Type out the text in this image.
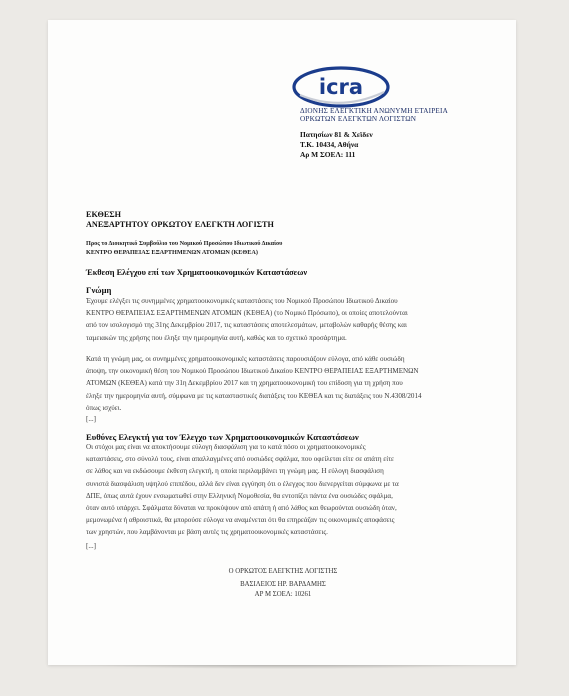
icra
ΔΙΟΝΗΣ ΕΛΕΓΚΤΙΚΗ ΑΝΩΝΥΜΗ ΕΤΑΙΡΕΙΑ
ΟΡΚΩΤΩΝ ΕΛΕΓΚΤΩΝ ΛΟΓΙΣΤΩΝ
Πατησίων 81 & Χεϊδεν
Τ.Κ. 10434, Αθήνα
Αρ Μ ΣΟΕΛ: 111
ΕΚΘΕΣΗ
ΑΝΕΞΑΡΤΗΤΟΥ ΟΡΚΩΤΟΥ ΕΛΕΓΚΤΗ ΛΟΓΙΣΤΗ
Προς το Διοικητικό Συμβούλιο του Νομικού Προσώπου Ιδιωτικού Δικαίου
ΚΕΝΤΡΟ ΘΕΡΑΠΕΙΑΣ ΕΞΑΡΤΗΜΕΝΩΝ ΑΤΟΜΩΝ (ΚΕΘΕΑ)
Έκθεση Ελέγχου επί των Χρηματοοικονομικών Καταστάσεων
Γνώμη
Έχουμε ελέγξει τις συνημμένες χρηματοοικονομικές καταστάσεις του Νομικού Προσώπου Ιδιωτικού Δικαίου
ΚΕΝΤΡΟ ΘΕΡΑΠΕΙΑΣ ΕΞΑΡΤΗΜΕΝΩΝ ΑΤΟΜΩΝ (ΚΕΘΕΑ) (το Νομικό Πρόσωπο), οι οποίες αποτελούνται
από τον ισολογισμό της 31ης Δεκεμβρίου 2017, τις καταστάσεις αποτελεσμάτων, μεταβολών καθαρής θέσης και
ταμειακών της χρήσης που έληξε την ημερομηνία αυτή, καθώς και το σχετικό προσάρτημα.
Κατά τη γνώμη μας, οι συνημμένες χρηματοοικονομικές καταστάσεις παρουσιάζουν εύλογα, από κάθε ουσιώδη
άποψη, την οικονομική θέση του Νομικού Προσώπου Ιδιωτικού Δικαίου ΚΕΝΤΡΟ ΘΕΡΑΠΕΙΑΣ ΕΞΑΡΤΗΜΕΝΩΝ
ΑΤΟΜΩΝ (ΚΕΘΕΑ) κατά την 31η Δεκεμβρίου 2017 και τη χρηματοοικονομική του επίδοση για τη χρήση που
έληξε την ημερομηνία αυτή, σύμφωνα με τις κατασταστικές διατάξεις του ΚΕΘΕΑ και τις διατάξεις του Ν.4308/2014
όπως ισχύει.
[...]
Ευθύνες Ελεγκτή για τον Έλεγχο των Χρηματοοικονομικών Καταστάσεων
Οι στόχοι μας είναι να αποκτήσουμε εύλογη διασφάλιση για το κατά πόσο οι χρηματοοικονομικές
καταστάσεις, στο σύνολό τους, είναι απαλλαγμένες από ουσιώδες σφάλμα, που οφείλεται είτε σε απάτη είτε
σε λάθος και να εκδώσουμε έκθεση ελεγκτή, η οποία περιλαμβάνει τη γνώμη μας. Η εύλογη διασφάλιση
συνιστά διασφάλιση υψηλού επιπέδου, αλλά δεν είναι εγγύηση ότι ο έλεγχος που διενεργείται σύμφωνα με τα
ΔΠΕ, όπως αυτά έχουν ενσωματωθεί στην Ελληνική Νομοθεσία, θα εντοπίζει πάντα ένα ουσιώδες σφάλμα,
όταν αυτό υπάρχει. Σφάλματα δύναται να προκύψουν από απάτη ή από λάθος και θεωρούνται ουσιώδη όταν,
μεμονωμένα ή αθροιστικά, θα μπορούσε εύλογα να αναμένεται ότι θα επηρεάζαν τις οικονομικές αποφάσεις
των χρηστών, που λαμβάνονται με βάση αυτές τις χρηματοοικονομικές καταστάσεις.
[...]
Ο ΟΡΚΩΤΟΣ ΕΛΕΓΚΤΗΣ ΛΟΓΙΣΤΗΣ
ΒΑΣΙΛΕΙΟΣ ΗΡ. ΒΑΡΔΑΜΗΣ
ΑΡ Μ ΣΟΕΛ: 10261
